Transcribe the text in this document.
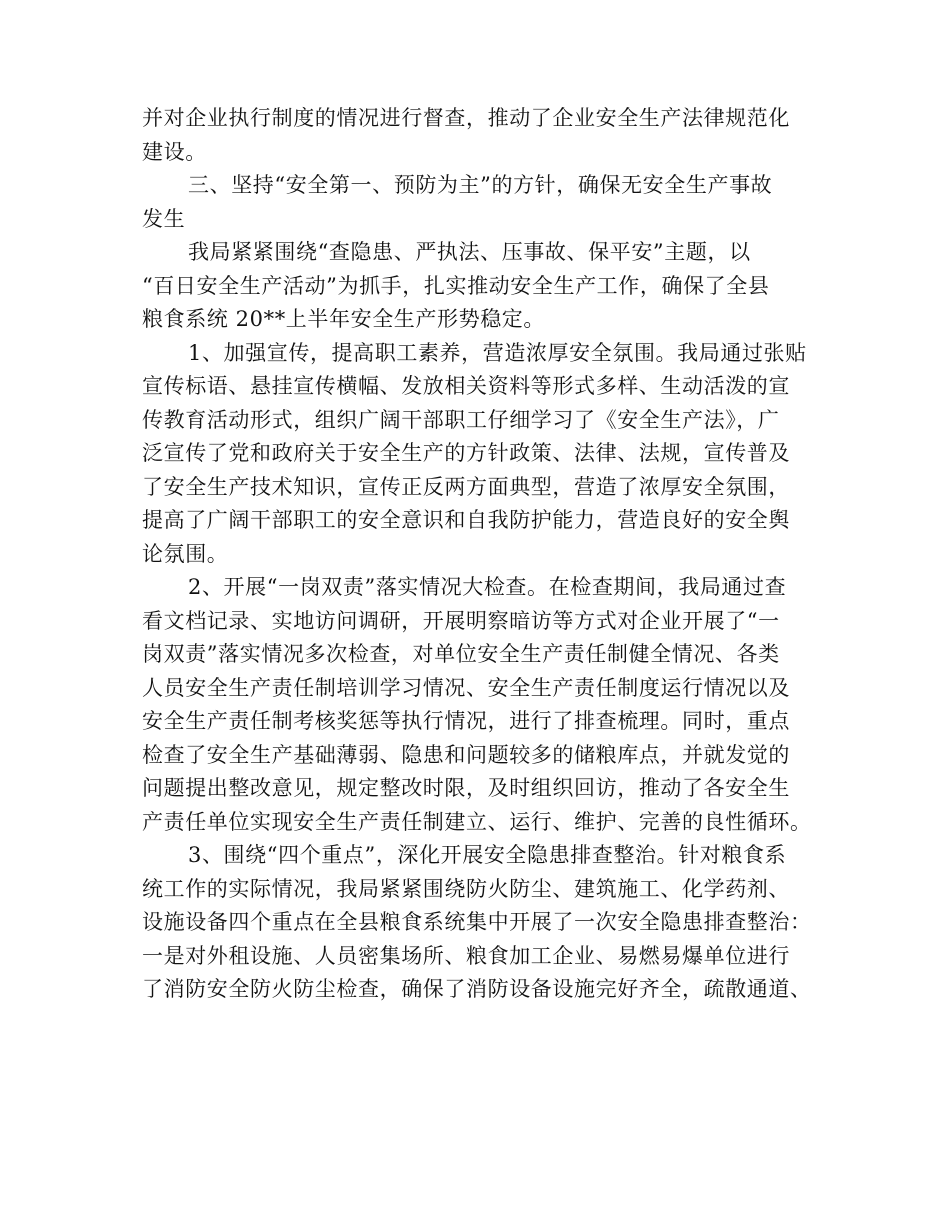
并对企业执行制度的情况进行督查，推动了企业安全生产法律规范化
建设。
三、坚持“安全第一、预防为主”的方针，确保无安全生产事故
发生
我局紧紧围绕“查隐患、严执法、压事故、保平安”主题，以
“百日安全生产活动”为抓手，扎实推动安全生产工作，确保了全县
粮食系统 20**上半年安全生产形势稳定。
1、加强宣传，提高职工素养，营造浓厚安全氛围。我局通过张贴
宣传标语、悬挂宣传横幅、发放相关资料等形式多样、生动活泼的宣
传教育活动形式，组织广阔干部职工仔细学习了《安全生产法》，广
泛宣传了党和政府关于安全生产的方针政策、法律、法规，宣传普及
了安全生产技术知识，宣传正反两方面典型，营造了浓厚安全氛围，
提高了广阔干部职工的安全意识和自我防护能力，营造良好的安全舆
论氛围。
2、开展“一岗双责”落实情况大检查。在检查期间，我局通过查
看文档记录、实地访问调研，开展明察暗访等方式对企业开展了“一
岗双责”落实情况多次检查，对单位安全生产责任制健全情况、各类
人员安全生产责任制培训学习情况、安全生产责任制度运行情况以及
安全生产责任制考核奖惩等执行情况，进行了排查梳理。同时，重点
检查了安全生产基础薄弱、隐患和问题较多的储粮库点，并就发觉的
问题提出整改意见，规定整改时限，及时组织回访，推动了各安全生
产责任单位实现安全生产责任制建立、运行、维护、完善的良性循环。
3、围绕“四个重点”，深化开展安全隐患排查整治。针对粮食系
统工作的实际情况，我局紧紧围绕防火防尘、建筑施工、化学药剂、
设施设备四个重点在全县粮食系统集中开展了一次安全隐患排查整治：
一是对外租设施、人员密集场所、粮食加工企业、易燃易爆单位进行
了消防安全防火防尘检查，确保了消防设备设施完好齐全，疏散通道、
